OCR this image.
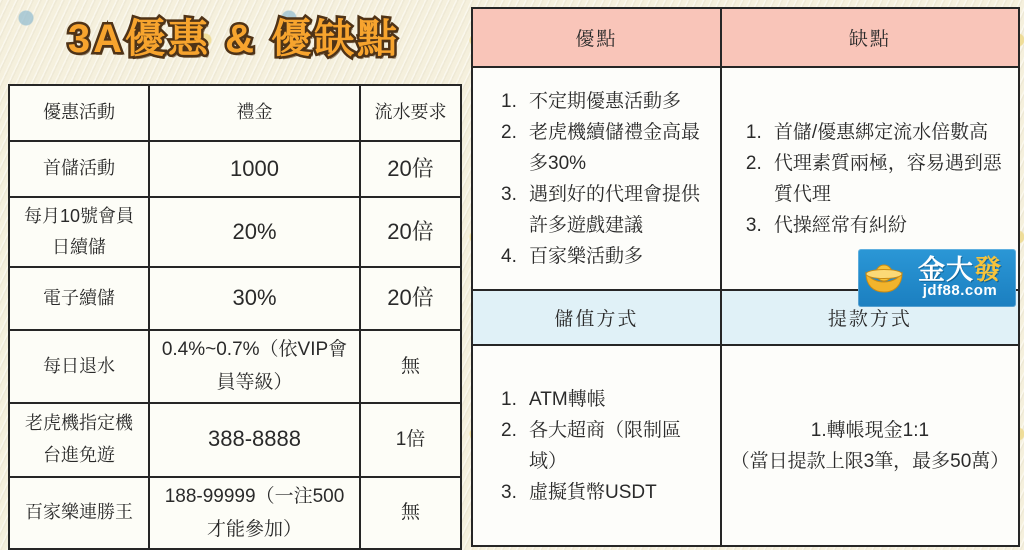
3A優惠 & 優缺點
優惠活動	禮金	流水要求
首儲活動	1000	20倍
每月10號會員日續儲	20%	20倍
電子續儲	30%	20倍
每日退水	0.4%~0.7%（依VIP會員等級）	無
老虎機指定機台進免遊	388-8888	1倍
百家樂連勝王	188-99999（一注500才能參加）	無
優點	缺點
1. 不定期優惠活動多
2. 老虎機續儲禮金高最多30%
3. 遇到好的代理會提供許多遊戲建議
4. 百家樂活動多
1. 首儲/優惠綁定流水倍數高
2. 代理素質兩極，容易遇到惡質代理
3. 代操經常有糾紛
儲值方式	提款方式
1. ATM轉帳
2. 各大超商（限制區域）
3. 虛擬貨幣USDT
1.轉帳現金1:1
（當日提款上限3筆，最多50萬）
金大發
jdf88.com
